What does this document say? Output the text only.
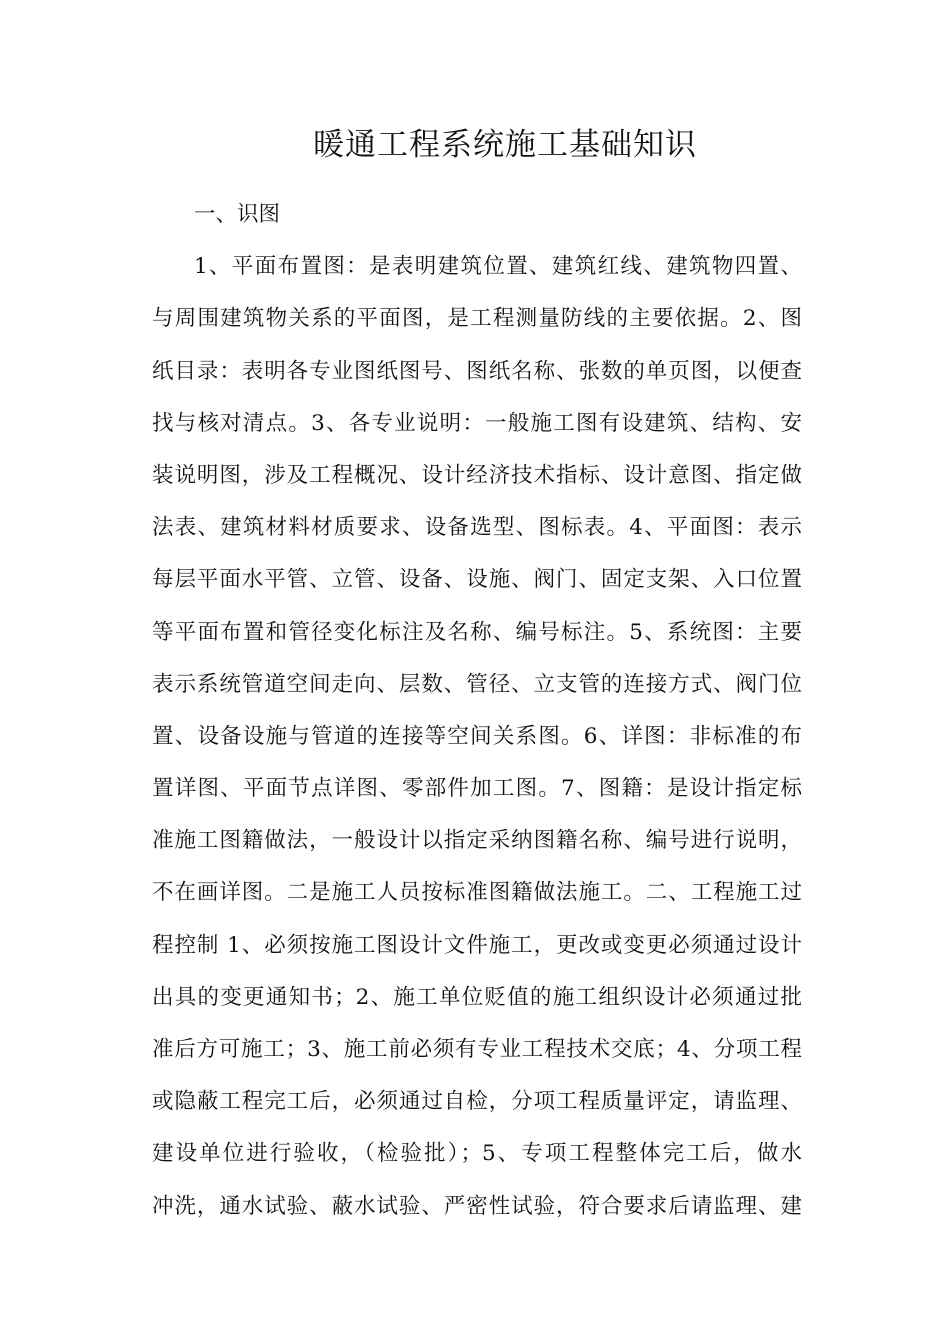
暖通工程系统施工基础知识
一、识图
1、平面布置图：是表明建筑位置、建筑红线、建筑物四置、
与周围建筑物关系的平面图，是工程测量防线的主要依据。2、图
纸目录：表明各专业图纸图号、图纸名称、张数的单页图，以便查
找与核对清点。3、各专业说明：一般施工图有设建筑、结构、安
装说明图，涉及工程概况、设计经济技术指标、设计意图、指定做
法表、建筑材料材质要求、设备选型、图标表。4、平面图：表示
每层平面水平管、立管、设备、设施、阀门、固定支架、入口位置
等平面布置和管径变化标注及名称、编号标注。5、系统图：主要
表示系统管道空间走向、层数、管径、立支管的连接方式、阀门位
置、设备设施与管道的连接等空间关系图。6、详图：非标准的布
置详图、平面节点详图、零部件加工图。7、图籍：是设计指定标
准施工图籍做法，一般设计以指定采纳图籍名称、编号进行说明，
不在画详图。二是施工人员按标准图籍做法施工。二、工程施工过
程控制 1、必须按施工图设计文件施工，更改或变更必须通过设计
出具的变更通知书；2、施工单位贬值的施工组织设计必须通过批
准后方可施工；3、施工前必须有专业工程技术交底；4、分项工程
或隐蔽工程完工后，必须通过自检，分项工程质量评定，请监理、
建设单位进行验收，（检验批）；5、专项工程整体完工后，做水
冲洗，通水试验、蔽水试验、严密性试验，符合要求后请监理、建
